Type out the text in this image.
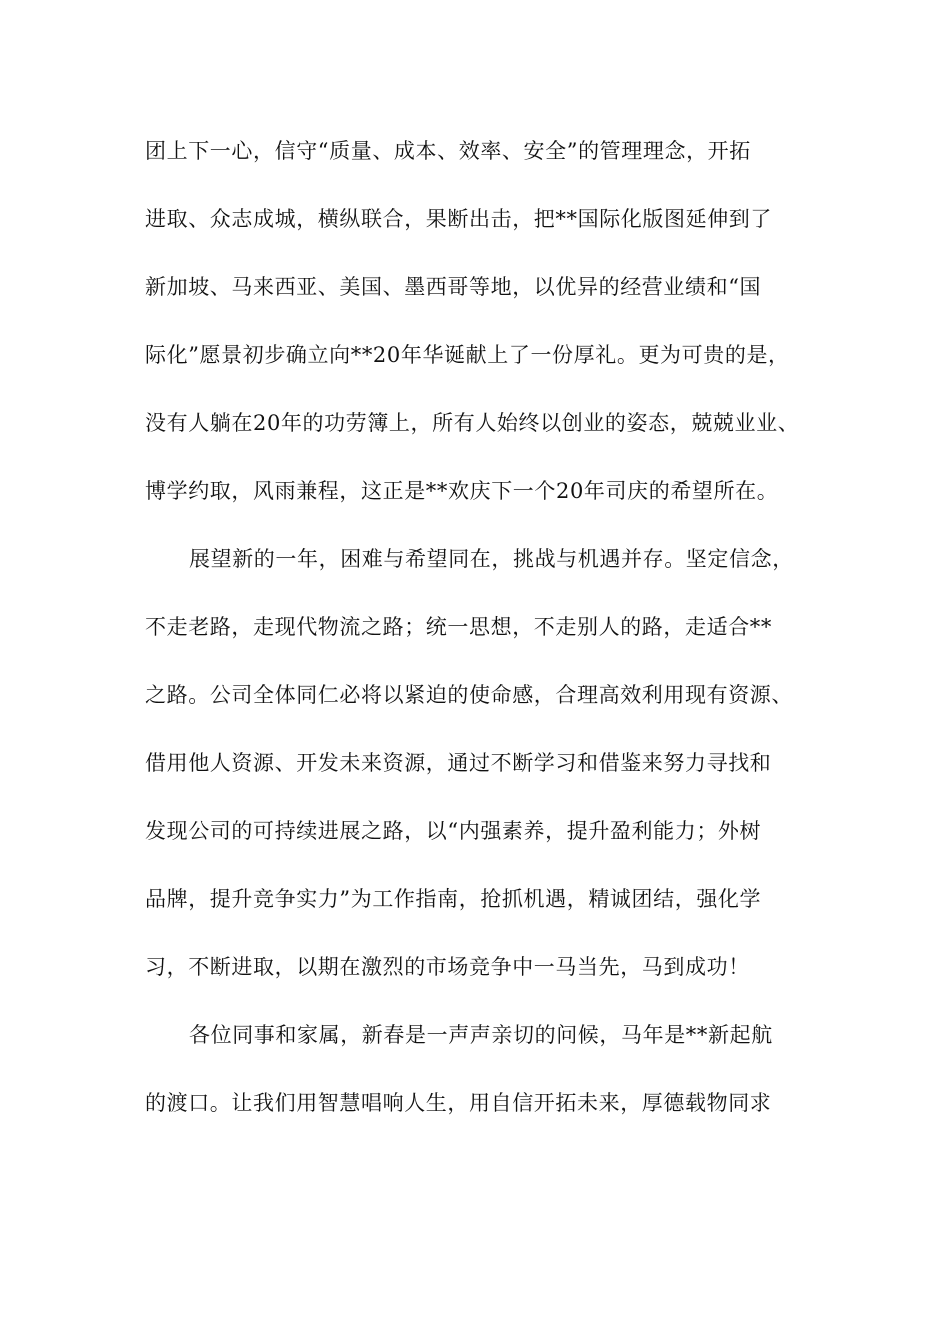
团上下一心，信守“质量、成本、效率、安全”的管理理念，开拓
进取、众志成城，横纵联合，果断出击，把**国际化版图延伸到了
新加坡、马来西亚、美国、墨西哥等地，以优异的经营业绩和“国
际化”愿景初步确立向**20年华诞献上了一份厚礼。更为可贵的是，
没有人躺在20年的功劳簿上，所有人始终以创业的姿态，兢兢业业、
博学约取，风雨兼程，这正是**欢庆下一个20年司庆的希望所在。
展望新的一年，困难与希望同在，挑战与机遇并存。坚定信念，
不走老路，走现代物流之路；统一思想，不走别人的路，走适合**
之路。公司全体同仁必将以紧迫的使命感，合理高效利用现有资源、
借用他人资源、开发未来资源，通过不断学习和借鉴来努力寻找和
发现公司的可持续进展之路，以“内强素养，提升盈利能力；外树
品牌，提升竞争实力”为工作指南，抢抓机遇，精诚团结，强化学
习，不断进取，以期在激烈的市场竞争中一马当先，马到成功！
各位同事和家属，新春是一声声亲切的问候，马年是**新起航
的渡口。让我们用智慧唱响人生，用自信开拓未来，厚德载物同求
